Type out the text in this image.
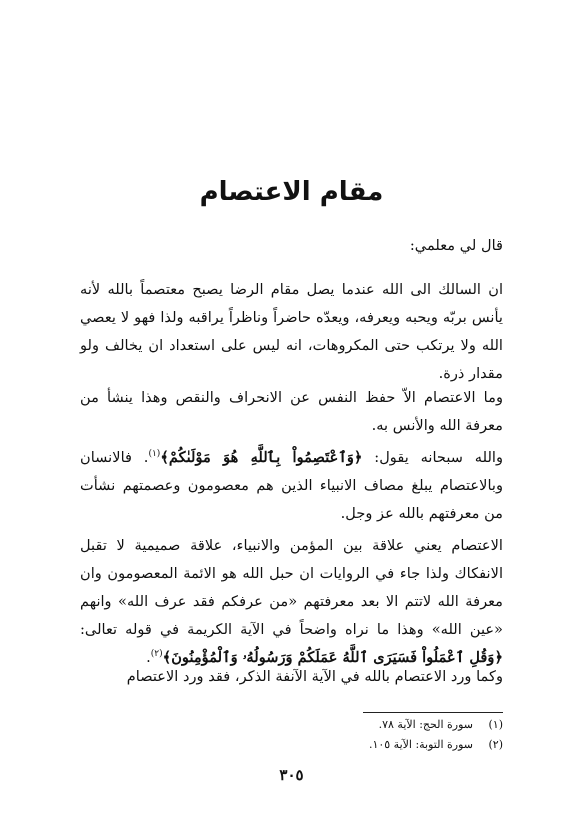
مقام الاعتصام

قال لي معلمي:

ان السالك الى الله عندما يصل مقام الرضا يصبح معتصماً بالله لأنه يأنس بربّه ويحبه ويعرفه، ويعدّه حاضراً وناظراً يراقبه ولذا فهو لا يعصي الله ولا يرتكب حتى المكروهات، انه ليس على استعداد ان يخالف ولو مقدار ذرة.

وما الاعتصام الاّ حفظ النفس عن الانحراف والنقص وهذا ينشأ من معرفة الله والأنس به.

والله سبحانه يقول: ﴿وَٱعْتَصِمُواْ بِٱللَّهِ هُوَ مَوْلَىٰكُمْ﴾$^{(١)}$. فالانسان وبالاعتصام يبلغ مصاف الانبياء الذين هم معصومون وعصمتهم نشأت من معرفتهم بالله عز وجل.

الاعتصام يعني علاقة بين المؤمن والانبياء، علاقة صميمية لا تقبل الانفكاك ولذا جاء في الروايات ان حبل الله هو الائمة المعصومون وان معرفة الله لاتتم الا بعد معرفتهم «من عرفكم فقد عرف الله» وانهم «عين الله» وهذا ما نراه واضحاً في الآية الكريمة في قوله تعالى: ﴿وَقُلِ ٱعْمَلُواْ فَسَيَرَى ٱللَّهُ عَمَلَكُمْ وَرَسُولُهُۥ وَٱلْمُؤْمِنُونَ﴾$^{(٢)}$.

وكما ورد الاعتصام بالله في الآية الآنفة الذكر، فقد ورد الاعتصام

(١)
سورة الحج: الآية ٧٨.
(٢)
سورة التوبة: الآية ١٠٥.
٣٠٥
